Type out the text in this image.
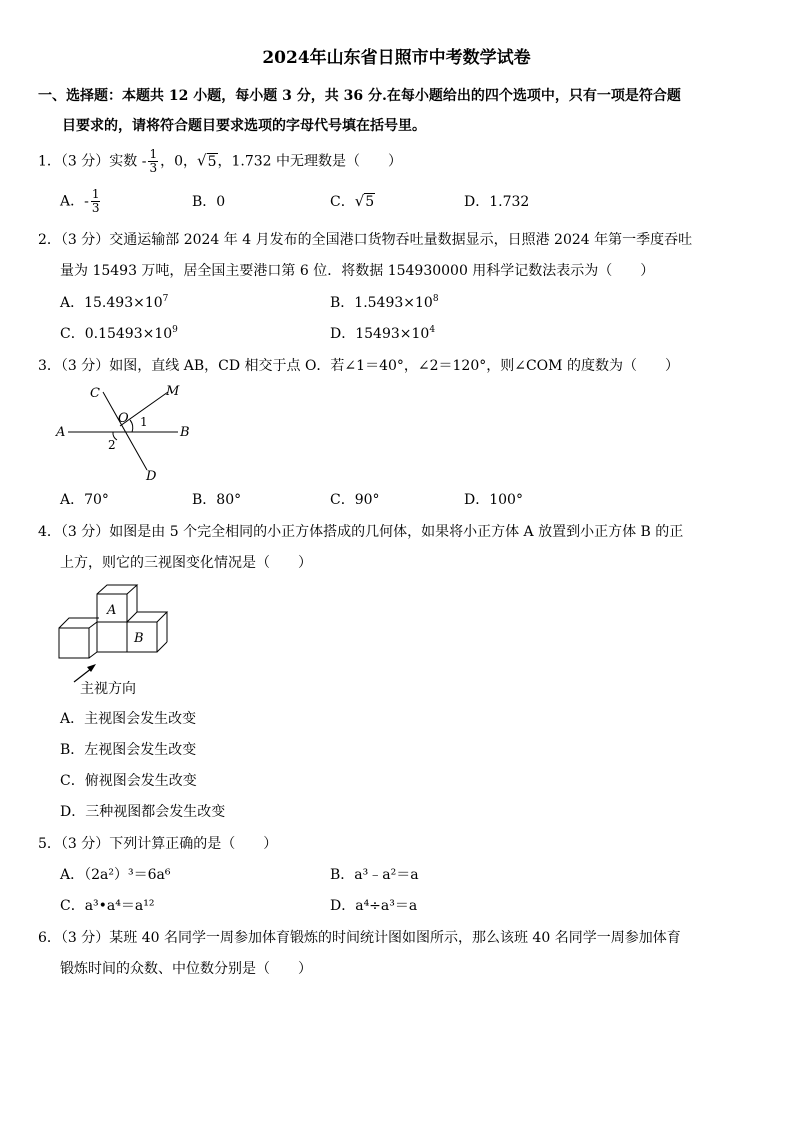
2024年山东省日照市中考数学试卷
一、选择题：本题共 12 小题，每小题 3 分，共 36 分.在每小题给出的四个选项中，只有一项是符合题
目要求的，请将符合题目要求选项的字母代号填在括号里。
1．（3 分）实数 - $\frac{1}{3}$ ，0，√5，1.732 中无理数是（　　）
A．- $\frac{1}{3}$	B．0	C．√5	D．1.732
2．（3 分）交通运输部 2024 年 4 月发布的全国港口货物吞吐量数据显示，日照港 2024 年第一季度吞吐
量为 15493 万吨，居全国主要港口第 6 位．将数据 154930000 用科学记数法表示为（　　）
A．$15.493\times 10^7$	B．$1.5493\times 10^8$
C．$0.15493\times 10^9$	D．$15493\times 10^4$
3．（3 分）如图，直线 AB，CD 相交于点 O．若∠1＝40°，∠2＝120°，则∠COM 的度数为（　　）
A	B
C
D
M
O 1
2
A．70°	B．80°	C．90°	D．100°
4．（3 分）如图是由 5 个完全相同的小正方体搭成的几何体，如果将小正方体 A 放置到小正方体 B 的正
上方，则它的三视图变化情况是（　　）
A
B
主视方向
A．主视图会发生改变
B．左视图会发生改变
C．俯视图会发生改变
D．三种视图都会发生改变
5．（3 分）下列计算正确的是（　　）
A．（2a²）³＝6a⁶	B．a³﹣a²＝a
C．a³•a⁴＝a¹²	D．a⁴÷a³＝a
6．（3 分）某班 40 名同学一周参加体育锻炼的时间统计图如图所示，那么该班 40 名同学一周参加体育
锻炼时间的众数、中位数分别是（　　）
